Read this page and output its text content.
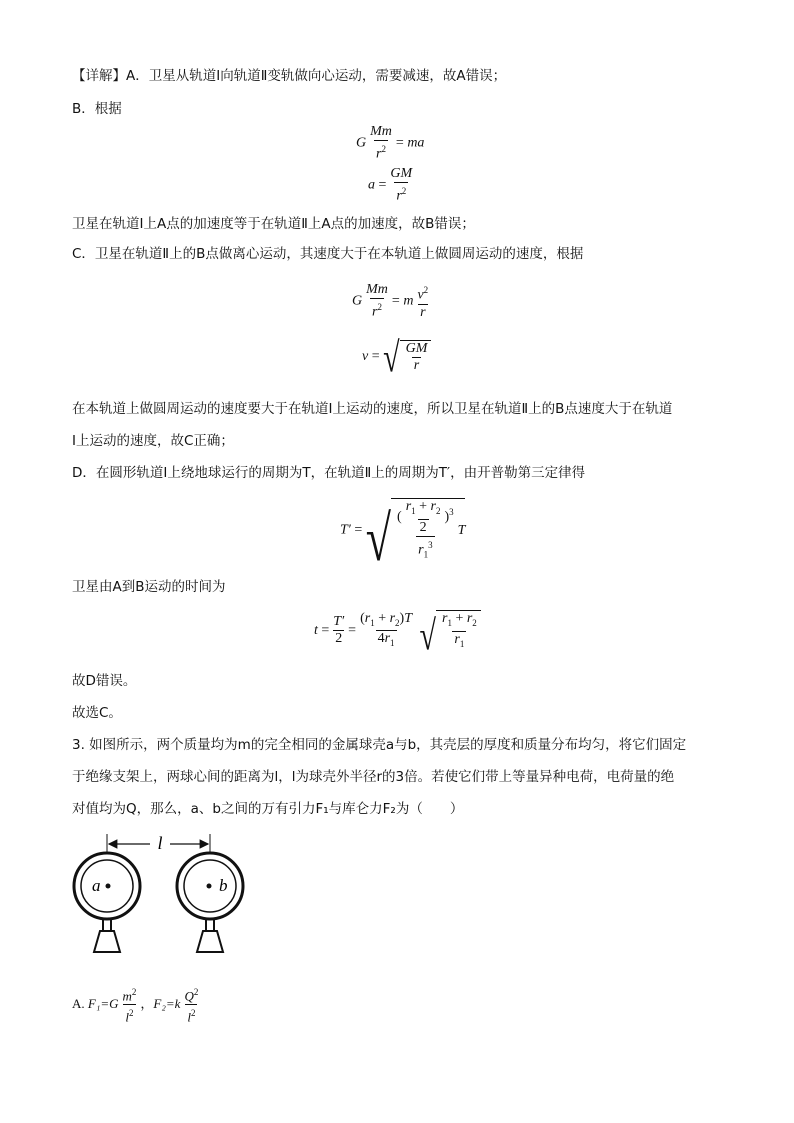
【详解】A．卫星从轨道Ⅰ向轨道Ⅱ变轨做向心运动，需要减速，故A错误；
B．根据
G $\frac{Mm}{r^2}$ = ma
$a = \frac{GM}{r^2}$
卫星在轨道Ⅰ上A点的加速度等于在轨道Ⅱ上A点的加速度，故B错误；
C．卫星在轨道Ⅱ上的B点做离心运动，其速度大于在本轨道上做圆周运动的速度，根据
G $\frac{Mm}{r^2} = m \frac{v^2}{r}$
v = √ $\frac{GM}{r}$
在本轨道上做圆周运动的速度要大于在轨道Ⅰ上运动的速度，所以卫星在轨道Ⅱ上的B点速度大于在轨道
Ⅰ上运动的速度，故C正确；
D．在圆形轨道Ⅰ上绕地球运行的周期为T，在轨道Ⅱ上的周期为T′，由开普勒第三定律得
T′ = √ $\frac{( \frac{r_1 + r_2}{2} )^3}{r_1^3}$ T
卫星由A到B运动的时间为
$t = \frac{T'}{2} = \frac{(r_1 + r_2)T}{4r_1}$
√ $\frac{r_1 + r_2}{r_1}$
故D错误。
故选C。
3. 如图所示，两个质量均为m的完全相同的金属球壳a与b，其壳层的厚度和质量分布均匀，将它们固定
于绝缘支架上，两球心间的距离为l，l为球壳外半径r的3倍。若使它们带上等量异种电荷，电荷量的绝
对值均为Q，那么，a、b之间的万有引力F₁与库仑力F₂为（　　）
l
a	b
A. $F_1=G \frac{m^2}{l^2}$ ，$F_2=k \frac{Q^2}{l^2}$
